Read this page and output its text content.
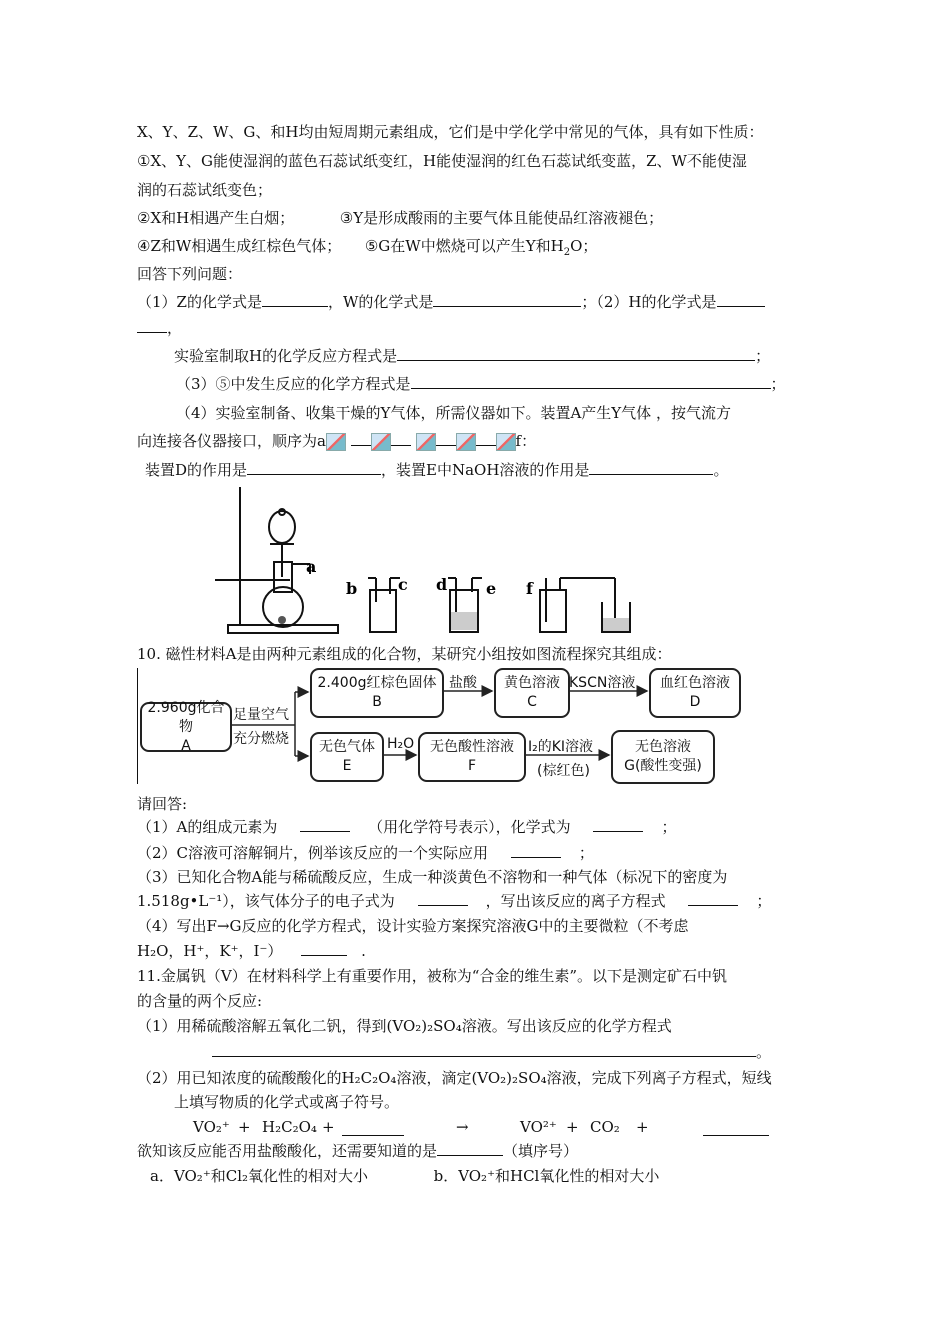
X、Y、Z、W、G、和H均由短周期元素组成，它们是中学化学中常见的气体，具有如下性质：
①X、Y、G能使湿润的蓝色石蕊试纸变红，H能使湿润的红色石蕊试纸变蓝，Z、W不能使湿
润的石蕊试纸变色；
②X和H相遇产生白烟；	③Y是形成酸雨的主要气体且能使品红溶液褪色；
④Z和W相遇生成红棕色气体； ⑤G在W中燃烧可以产生Y和$H_2O$；
回答下列问题：
（1）Z的化学式是	，W的化学式是	；（2）H的化学式是
，
实验室制取H的化学反应方程式是	；
（3）⑤中发生反应的化学方程式是	；
（4）实验室制备、收集干燥的Y气体，所需仪器如下。装置A产生Y气体 ，按气流方
向连接各仪器接口，顺序为a	f：
装置D的作用是	，装置E中NaOH溶液的作用是	。
a
b	c d e f
10. 磁性材料A是由两种元素组成的化合物，某研究小组按如图流程探究其组成：
2.960g化合物
A
足量空气
充分燃烧
2.400g红棕色固体
B
盐酸	黄色溶液
C
KSCN溶液	血红色溶液
D
无色气体
E
H₂O	无色酸性溶液
F
I₂的KI溶液
(棕红色)
无色溶液
G(酸性变强)
请回答:
（1）A的组成元素为	（用化学符号表示），化学式为	；
（2）C溶液可溶解铜片，例举该反应的一个实际应用	；
（3）已知化合物A能与稀硫酸反应，生成一种淡黄色不溶物和一种气体（标况下的密度为
1.518g•L⁻¹），该气体分子的电子式为	，写出该反应的离子方程式	；
（4）写出F→G反应的化学方程式，设计实验方案探究溶液G中的主要微粒（不考虑
H₂O，H⁺，K⁺，I⁻）	.
11.金属钒（V）在材料科学上有重要作用，被称为“合金的维生素”。以下是测定矿石中钒
的含量的两个反应:
（1）用稀硫酸溶解五氧化二钒，得到(VO₂)₂SO₄溶液。写出该反应的化学方程式
。
（2）用已知浓度的硫酸酸化的H₂C₂O₄溶液，滴定(VO₂)₂SO₄溶液，完成下列离子方程式，短线
上填写物质的化学式或离子符号。
VO₂⁺ + H₂C₂O₄ +	→	VO²⁺ + CO₂ +
欲知该反应能否用盐酸酸化，还需要知道的是	（填序号）
a．VO₂⁺和Cl₂氧化性的相对大小	b．VO₂⁺和HCl氧化性的相对大小
